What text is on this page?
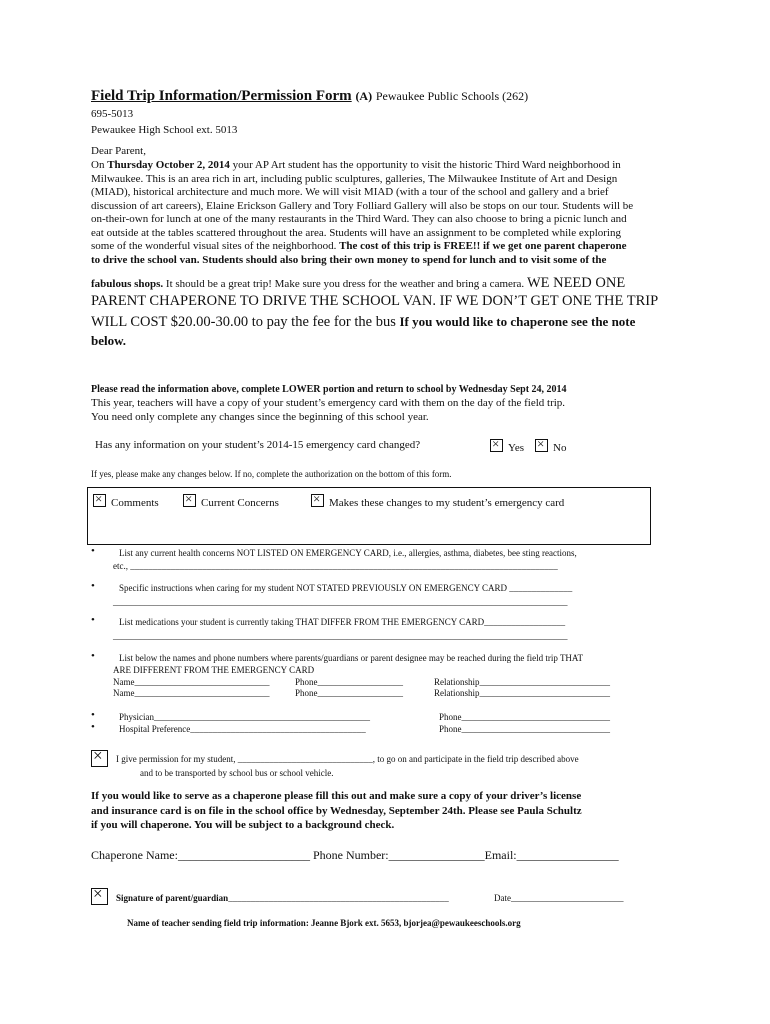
Field Trip Information/Permission Form (A) Pewaukee Public Schools (262)
695-5013
Pewaukee High School ext. 5013
Dear Parent,
On Thursday October 2, 2014 your AP Art student has the opportunity to visit the historic Third Ward neighborhood in
Milwaukee. This is an area rich in art, including public sculptures, galleries, The Milwaukee Institute of Art and Design
(MIAD), historical architecture and much more. We will visit MIAD (with a tour of the school and gallery and a brief
discussion of art careers), Elaine Erickson Gallery and Tory Folliard Gallery will also be stops on our tour. Students will be
on-their-own for lunch at one of the many restaurants in the Third Ward. They can also choose to bring a picnic lunch and
eat outside at the tables scattered throughout the area. Students will have an assignment to be completed while exploring
some of the wonderful visual sites of the neighborhood. The cost of this trip is FREE!! if we get one parent chaperone
to drive the school van. Students should also bring their own money to spend for lunch and to visit some of the
fabulous shops. It should be a great trip! Make sure you dress for the weather and bring a camera. WE NEED ONE
PARENT CHAPERONE TO DRIVE THE SCHOOL VAN. IF WE DON’T GET ONE THE TRIP
WILL COST $20.00-30.00 to pay the fee for the bus If you would like to chaperone see the note
below.
Please read the information above, complete LOWER portion and return to school by Wednesday Sept 24, 2014
This year, teachers will have a copy of your student’s emergency card with them on the day of the field trip.
You need only complete any changes since the beginning of this school year.
Has any information on your student’s 2014-15 emergency card changed? ×	Yes ×	No
If yes, please make any changes below. If no, complete the authorization on the bottom of this form.
×Comments ×	Current Concerns ×	Makes these changes to my student’s emergency card
•	List any current health concerns NOT LISTED ON EMERGENCY CARD, i.e., allergies, asthma, diabetes, bee sting reactions,
etc., _______________________________________________________________________________________________
•	Specific instructions when caring for my student NOT STATED PREVIOUSLY ON EMERGENCY CARD ______________
_____________________________________________________________________________________________________
•	List medications your student is currently taking THAT DIFFER FROM THE EMERGENCY CARD__________________
_____________________________________________________________________________________________________
•	List below the names and phone numbers where parents/guardians or parent designee may be reached during the field trip THAT
ARE DIFFERENT FROM THE EMERGENCY CARD
Name______________________________	Phone___________________	Relationship_____________________________
Name______________________________	Phone___________________	Relationship_____________________________
•	Physician________________________________________________	Phone_________________________________
•	Hospital Preference_______________________________________	Phone_________________________________
×
I give permission for my student, ______________________________, to go on and participate in the field trip described above
and to be transported by school bus or school vehicle.
If you would like to serve as a chaperone please fill this out and make sure a copy of your driver’s license
and insurance card is on file in the school office by Wednesday, September 24th. Please see Paula Schultz
if you will chaperone. You will be subject to a background check.
Chaperone Name:______________________ Phone Number:________________Email:_________________
×
Signature of parent/guardian_________________________________________________	Date_________________________
Name of teacher sending field trip information: Jeanne Bjork ext. 5653, bjorjea@pewaukeeschools.org
